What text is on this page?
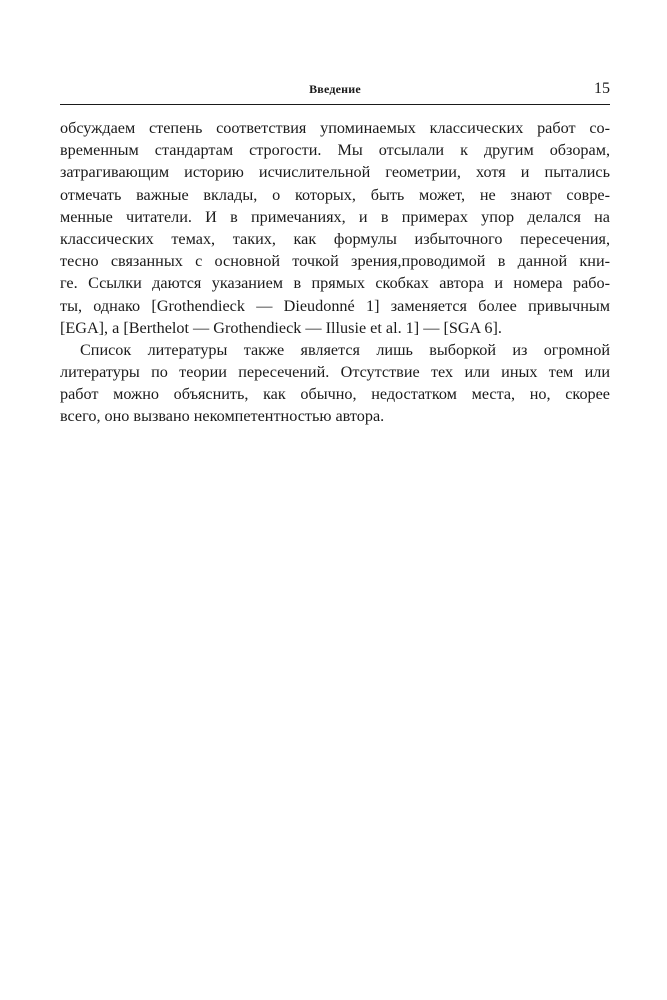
Введение	15
обсуждаем степень соответствия упоминаемых классических работ со-
временным стандартам строгости. Мы отсылали к другим обзорам,
затрагивающим историю исчислительной геометрии, хотя и пытались
отмечать важные вклады, о которых, быть может, не знают совре-
менные читатели. И в примечаниях, и в примерах упор делался на
классических темах, таких, как формулы избыточного пересечения,
тесно связанных с основной точкой зрения,проводимой в данной кни-
ге. Ссылки даются указанием в прямых скобках автора и номера рабо-
ты, однако [Grothendieck — Dieudonné 1] заменяется более привычным
[EGA], а [Berthelot — Grothendieck — Illusie et al. 1] — [SGA 6].
Список литературы также является лишь выборкой из огромной
литературы по теории пересечений. Отсутствие тех или иных тем или
работ можно объяснить, как обычно, недостатком места, но, скорее
всего, оно вызвано некомпетентностью автора.
